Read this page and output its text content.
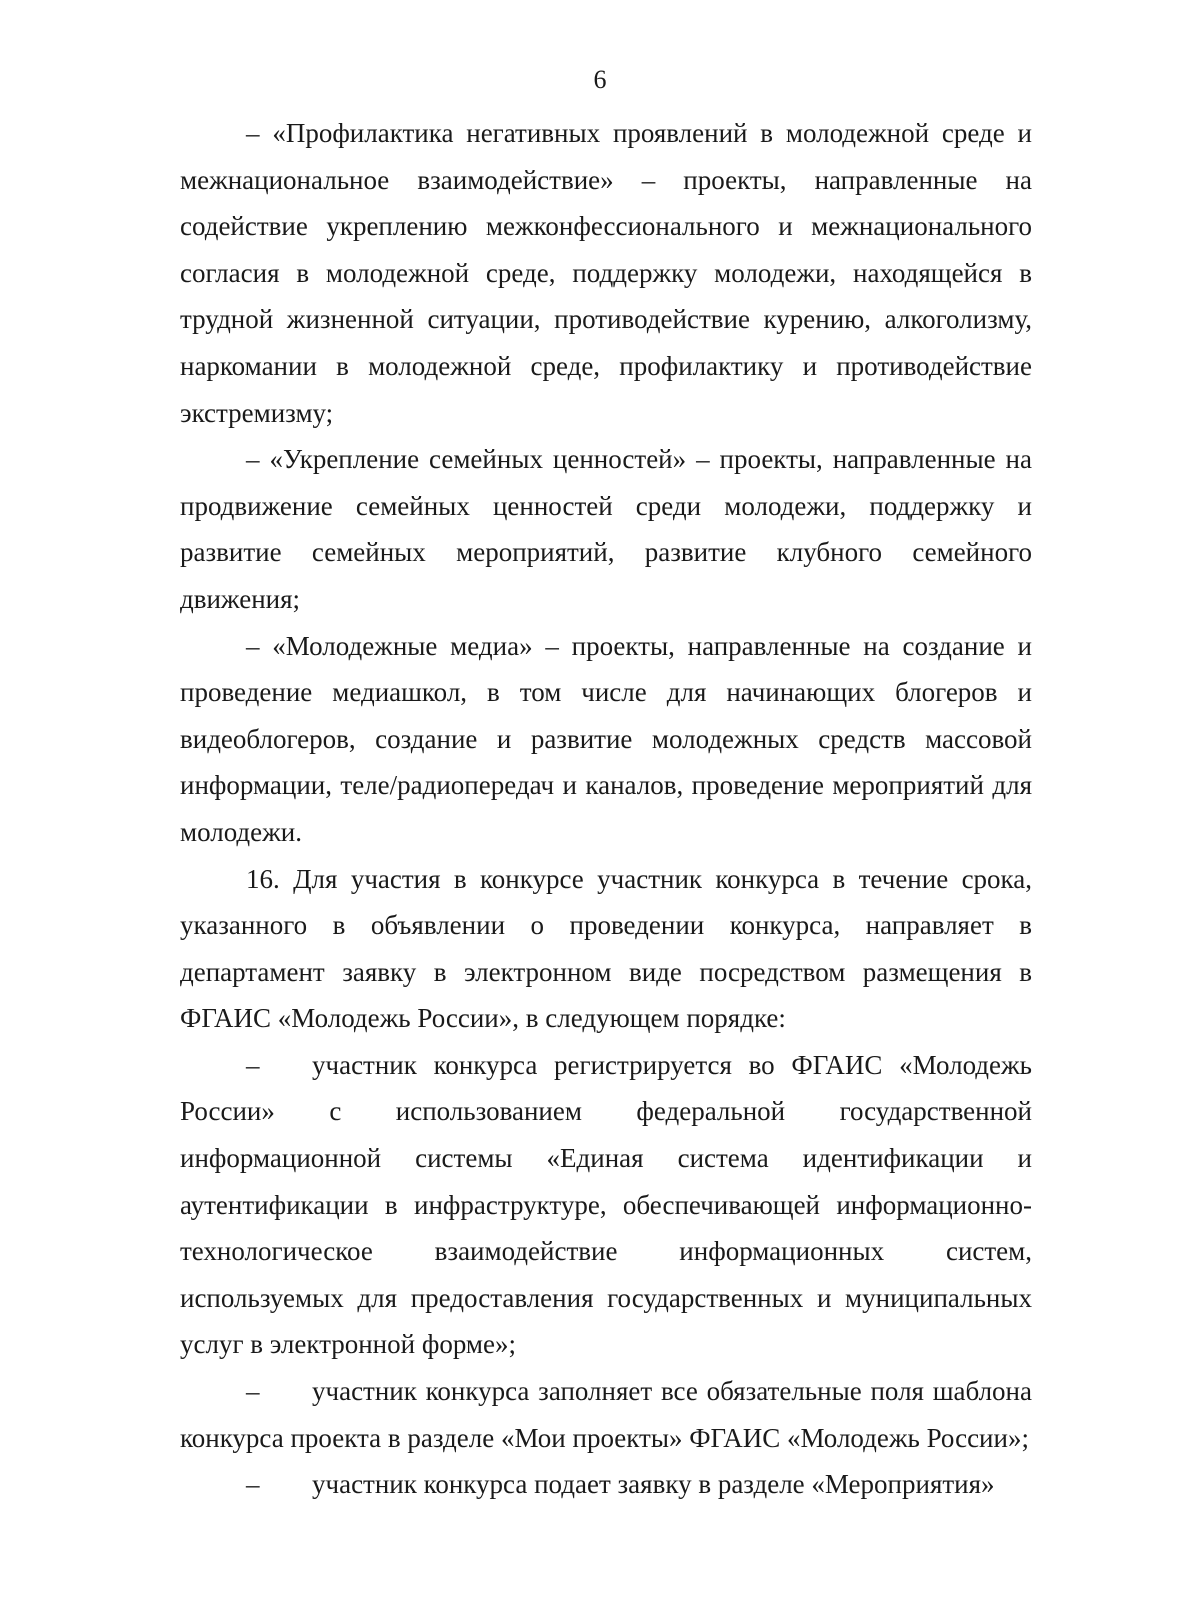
6

– «Профилактика негативных проявлений в молодежной среде и межнациональное взаимодействие» – проекты, направленные на содействие укреплению межконфессионального и межнационального согласия в молодежной среде, поддержку молодежи, находящейся в трудной жизненной ситуации, противодействие курению, алкоголизму, наркомании в молодежной среде, профилактику и противодействие экстремизму;

– «Укрепление семейных ценностей» – проекты, направленные на продвижение семейных ценностей среди молодежи, поддержку и развитие семейных мероприятий, развитие клубного семейного движения;

– «Молодежные медиа» – проекты, направленные на создание и проведение медиашкол, в том числе для начинающих блогеров и видеоблогеров, создание и развитие молодежных средств массовой информации, теле/радиопередач и каналов, проведение мероприятий для молодежи.

16. Для участия в конкурсе участник конкурса в течение срока, указанного в объявлении о проведении конкурса, направляет в департамент заявку в электронном виде посредством размещения в ФГАИС «Молодежь России», в следующем порядке:

– участник конкурса регистрируется во ФГАИС «Молодежь России» с использованием федеральной государственной информационной системы «Единая система идентификации и аутентификации в инфраструктуре, обеспечивающей информационно-технологическое взаимодействие информационных систем, используемых для предоставления государственных и муниципальных услуг в электронной форме»;

– участник конкурса заполняет все обязательные поля шаблона конкурса проекта в разделе «Мои проекты» ФГАИС «Молодежь России»;

– участник конкурса подает заявку в разделе «Мероприятия»
